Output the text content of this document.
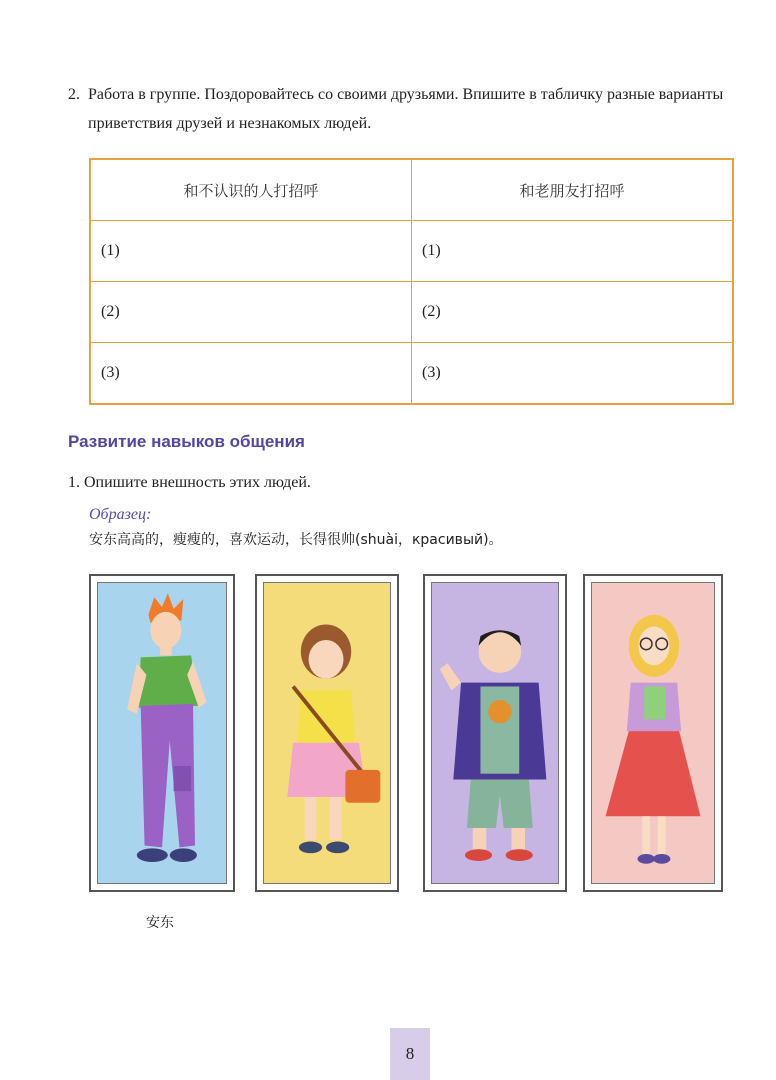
2. Работа в группе. Поздоровайтесь со своими друзьями. Впишите в табличку разные варианты
приветствия друзей и незнакомых людей.
和不认识的人打招呼	和老朋友打招呼
(1)	(1)
(2)	(2)
(3)	(3)
Развитие навыков общения
1. Опишите внешность этих людей.
Образец:
安东高高的，瘦瘦的，喜欢运动，长得很帅(shuài，красивый)。
安东
8
